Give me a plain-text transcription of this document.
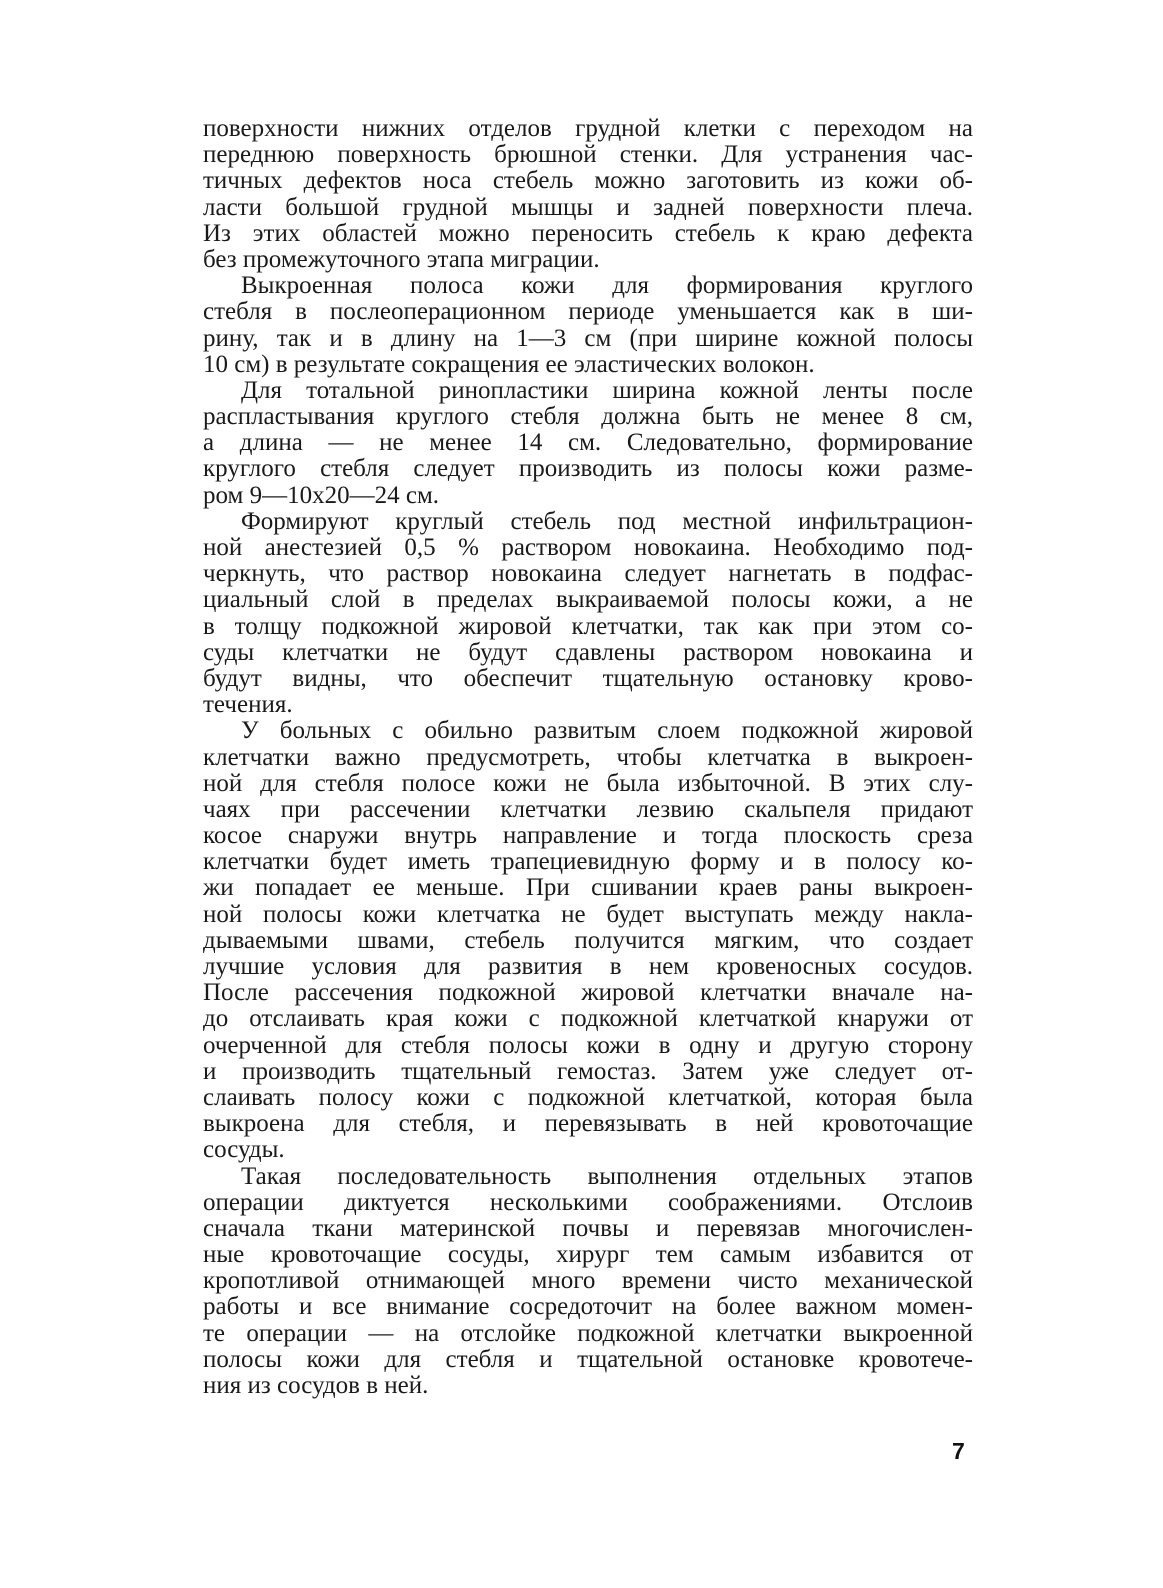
поверхности нижних отделов грудной клетки с переходом на
переднюю поверхность брюшной стенки. Для устранения час-
тичных дефектов носа стебель можно заготовить из кожи об-
ласти большой грудной мышцы и задней поверхности плеча.
Из этих областей можно переносить стебель к краю дефекта
без промежуточного этапа миграции.
Выкроенная полоса кожи для формирования круглого
стебля в послеоперационном периоде уменьшается как в ши-
рину, так и в длину на 1—3 см (при ширине кожной полосы
10 см) в результате сокращения ее эластических волокон.
Для тотальной ринопластики ширина кожной ленты после
распластывания круглого стебля должна быть не менее 8 см,
а длина — не менее 14 см. Следовательно, формирование
круглого стебля следует производить из полосы кожи разме-
ром 9—10x20—24 см.
Формируют круглый стебель под местной инфильтрацион-
ной анестезией 0,5 % раствором новокаина. Необходимо под-
черкнуть, что раствор новокаина следует нагнетать в подфас-
циальный слой в пределах выкраиваемой полосы кожи, а не
в толщу подкожной жировой клетчатки, так как при этом со-
суды клетчатки не будут сдавлены раствором новокаина и
будут видны, что обеспечит тщательную остановку крово-
течения.
У больных с обильно развитым слоем подкожной жировой
клетчатки важно предусмотреть, чтобы клетчатка в выкроен-
ной для стебля полосе кожи не была избыточной. В этих слу-
чаях при рассечении клетчатки лезвию скальпеля придают
косое снаружи внутрь направление и тогда плоскость среза
клетчатки будет иметь трапециевидную форму и в полосу ко-
жи попадает ее меньше. При сшивании краев раны выкроен-
ной полосы кожи клетчатка не будет выступать между накла-
дываемыми швами, стебель получится мягким, что создает
лучшие условия для развития в нем кровеносных сосудов.
После рассечения подкожной жировой клетчатки вначале на-
до отслаивать края кожи с подкожной клетчаткой кнаружи от
очерченной для стебля полосы кожи в одну и другую сторону
и производить тщательный гемостаз. Затем уже следует от-
слаивать полосу кожи с подкожной клетчаткой, которая была
выкроена для стебля, и перевязывать в ней кровоточащие
сосуды.
Такая последовательность выполнения отдельных этапов
операции диктуется несколькими соображениями. Отслоив
сначала ткани материнской почвы и перевязав многочислен-
ные кровоточащие сосуды, хирург тем самым избавится от
кропотливой отнимающей много времени чисто механической
работы и все внимание сосредоточит на более важном момен-
те операции — на отслойке подкожной клетчатки выкроенной
полосы кожи для стебля и тщательной остановке кровотече-
ния из сосудов в ней.
7
